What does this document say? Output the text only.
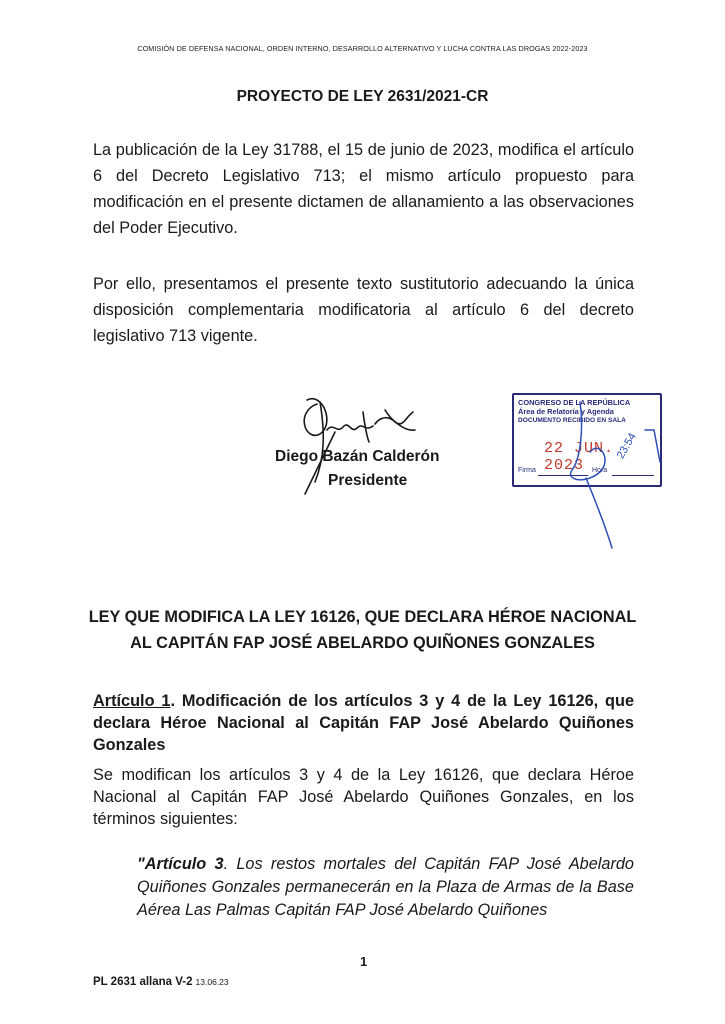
COMISIÓN DE DEFENSA NACIONAL, ORDEN INTERNO, DESARROLLO ALTERNATIVO Y LUCHA CONTRA LAS DROGAS 2022-2023
PROYECTO DE LEY 2631/2021-CR
La publicación de la Ley 31788, el 15 de junio de 2023, modifica el artículo 6 del Decreto Legislativo 713; el mismo artículo propuesto para modificación en el presente dictamen de allanamiento a las observaciones del Poder Ejecutivo.
Por ello, presentamos el presente texto sustitutorio adecuando la única disposición complementaria modificatoria al artículo 6 del decreto legislativo 713 vigente.
Diego Bazán Calderón
Presidente
CONGRESO DE LA REPÚBLICA
Área de Relatoría y Agenda
DOCUMENTO RECIBIDO EN SALA
22 JUN. 2023
Firma	Hora
23:54
LEY QUE MODIFICA LA LEY 16126, QUE DECLARA HÉROE NACIONAL
AL CAPITÁN FAP JOSÉ ABELARDO QUIÑONES GONZALES
Artículo 1. Modificación de los artículos 3 y 4 de la Ley 16126, que declara Héroe Nacional al Capitán FAP José Abelardo Quiñones Gonzales
Se modifican los artículos 3 y 4 de la Ley 16126, que declara Héroe Nacional al Capitán FAP José Abelardo Quiñones Gonzales, en los términos siguientes:
"Artículo 3. Los restos mortales del Capitán FAP José Abelardo Quiñones Gonzales permanecerán en la Plaza de Armas de la Base Aérea Las Palmas Capitán FAP José Abelardo Quiñones
1
PL 2631 allana V-2 13.06.23
